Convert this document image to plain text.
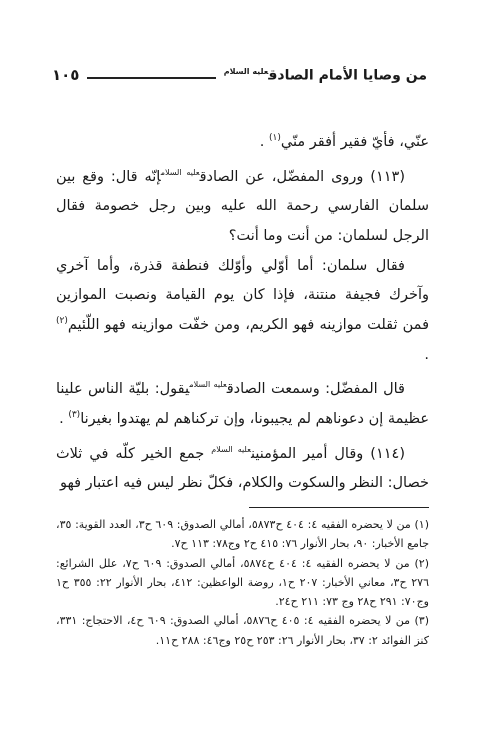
من وصايا الأمام الصادق$^{عليه السلام}$
١٠٥

عنّي، فأيّ فقير أفقر منّي$^{(١)}$ .

(١١٣) وروى المفضّل، عن الصادق$^{عليه السلام}$إنّه قال: وقع بين سلمان الفارسي رحمة الله عليه وبين رجل خصومة فقال الرجل لسلمان: من أنت وما أنت؟

فقال سلمان: أما أوّلي وأوّلك فنطفة قذرة، وأما آخري وآخرك فجيفة منتنة، فإذا كان يوم القيامة ونصبت الموازين فمن ثقلت موازينه فهو الكريم، ومن خفّت موازينه فهو اللّئيم$^{(٢)}$ .

قال المفضّل: وسمعت الصادق$^{عليه السلام}$يقول: بليّة الناس علينا عظيمة إن دعوناهم لم يجيبونا، وإن تركناهم لم يهتدوا بغيرنا$^{(٣)}$ .

(١١٤) وقال أمير المؤمنين$^{عليه السلام}$ جمع الخير كلّه في ثلاث خصال: النظر والسكوت والكلام، فكلّ نظر ليس فيه اعتبار فهو

(١) من لا يحضره الفقيه ٤: ٤٠٤ ح٥٨٧٣، أمالي الصدوق: ٦٠٩ ح٣، العدد القوية: ٣٥، جامع الأخبار: ٩٠، بحار الأنوار ٧٦: ٤١٥ ح٢ وج٧٨: ١١٣ ح٧.

(٢) من لا يحضره الفقيه ٤: ٤٠٤ ح٥٨٧٤، أمالي الصدوق: ٦٠٩ ح٧، علل الشرائع: ٢٧٦ ح٣، معاني الأخبار: ٢٠٧ ح١، روضة الواعظين: ٤١٢، بحار الأنوار ٢٢: ٣٥٥ ح١ وج٧٠: ٢٩١ ح٢٨ وج ٧٣: ٢١١ ح٢٤.

(٣) من لا يحضره الفقيه ٤: ٤٠٥ ح٥٨٧٦، أمالي الصدوق: ٦٠٩ ح٤، الاحتجاج: ٣٣١، كنز الفوائد ٢: ٣٧، بحار الأنوار ٢٦: ٢٥٣ ح٢٥ وج٤٦: ٢٨٨ ح١١.
